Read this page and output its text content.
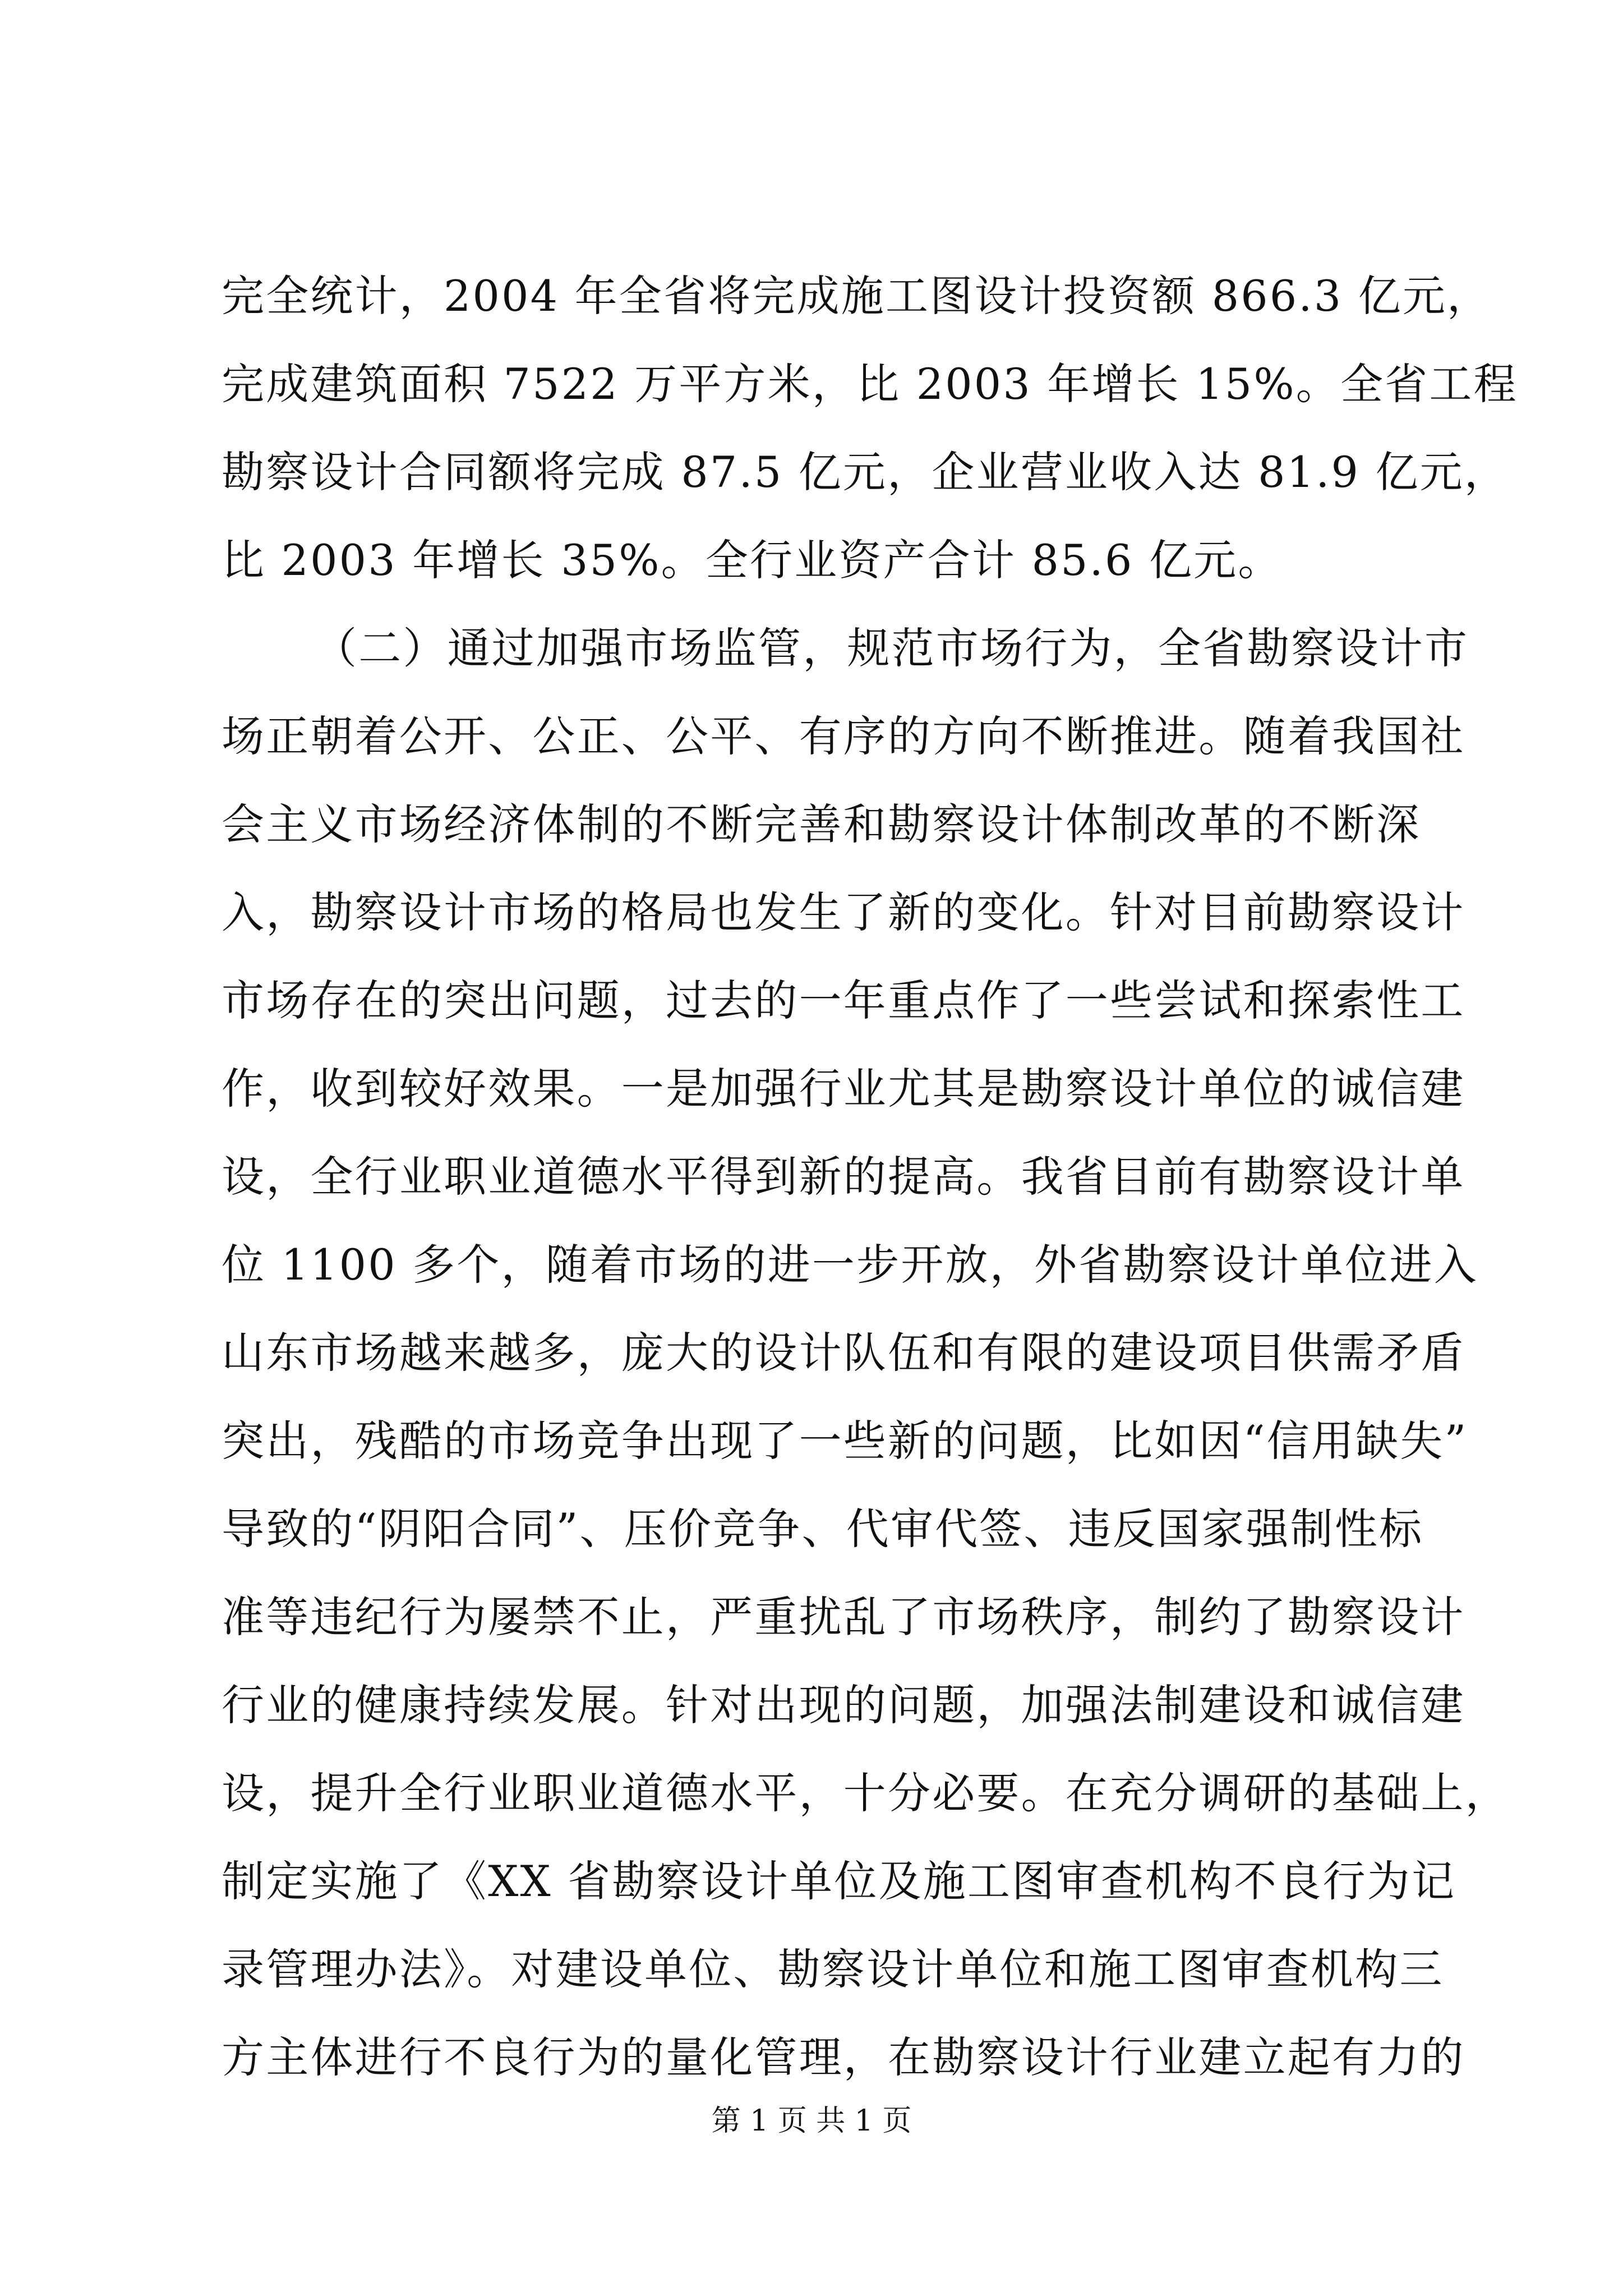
完全统计，2004 年全省将完成施工图设计投资额 866.3 亿元，
完成建筑面积 7522 万平方米，比 2003 年增长 15%。全省工程
勘察设计合同额将完成 87.5 亿元，企业营业收入达 81.9 亿元，
比 2003 年增长 35%。全行业资产合计 85.6 亿元。
（二）通过加强市场监管，规范市场行为，全省勘察设计市
场正朝着公开、公正、公平、有序的方向不断推进。随着我国社
会主义市场经济体制的不断完善和勘察设计体制改革的不断深
入，勘察设计市场的格局也发生了新的变化。针对目前勘察设计
市场存在的突出问题，过去的一年重点作了一些尝试和探索性工
作，收到较好效果。一是加强行业尤其是勘察设计单位的诚信建
设，全行业职业道德水平得到新的提高。我省目前有勘察设计单
位 1100 多个，随着市场的进一步开放，外省勘察设计单位进入
山东市场越来越多，庞大的设计队伍和有限的建设项目供需矛盾
突出，残酷的市场竞争出现了一些新的问题，比如因“信用缺失”
导致的“阴阳合同”、压价竞争、代审代签、违反国家强制性标
准等违纪行为屡禁不止，严重扰乱了市场秩序，制约了勘察设计
行业的健康持续发展。针对出现的问题，加强法制建设和诚信建
设，提升全行业职业道德水平，十分必要。在充分调研的基础上，
制定实施了《XX 省勘察设计单位及施工图审查机构不良行为记
录管理办法》。对建设单位、勘察设计单位和施工图审查机构三
方主体进行不良行为的量化管理，在勘察设计行业建立起有力的
第 1 页 共 1 页
